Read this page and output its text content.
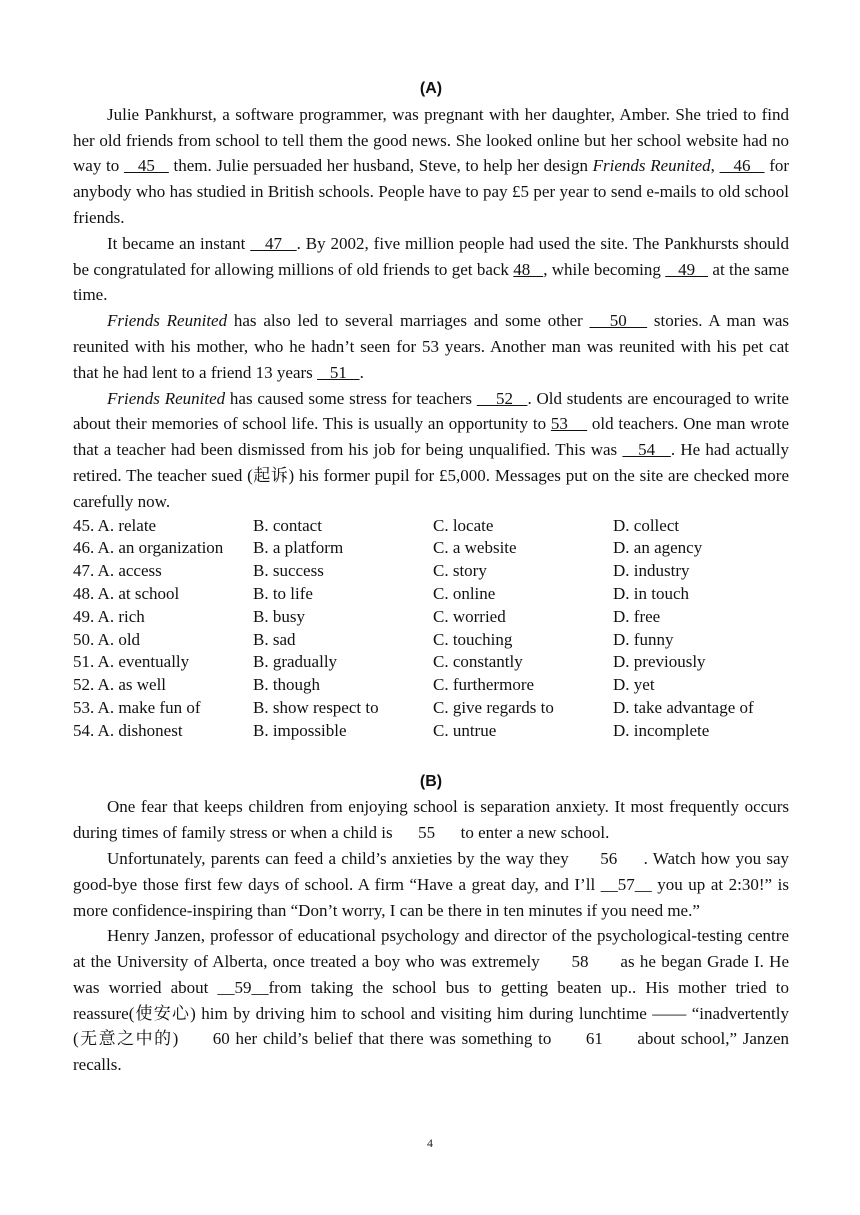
(A)

Julie Pankhurst, a software programmer, was pregnant with her daughter, Amber. She tried to find her old friends from school to tell them the good news. She looked online but her school website had no way to    45    them. Julie persuaded her husband, Steve, to help her design Friends Reunited,    46    for anybody who has studied in British schools. People have to pay £5 per year to send e-mails to old school friends.

It became an instant    47   . By 2002, five million people had used the site. The Pankhursts should be congratulated for allowing millions of old friends to get back 48   , while becoming    49    at the same time.

Friends Reunited has also led to several marriages and some other    50    stories. A man was reunited with his mother, who he hadn’t seen for 53 years. Another man was reunited with his pet cat that he had lent to a friend 13 years    51   .

Friends Reunited has caused some stress for teachers     52   . Old students are encouraged to write about their memories of school life. This is usually an opportunity to 53     old teachers. One man wrote that a teacher had been dismissed from his job for being unqualified. This was    54   . He had actually retired. The teacher sued (起诉) his former pupil for £5,000. Messages put on the site are checked more carefully now.

45. A. relate	B. contact	C. locate	D. collect
46. A. an organization	B. a platform	C. a website	D. an agency
47. A. access	B. success	C. story	D. industry
48. A. at school	B. to life	C. online	D. in touch
49. A. rich	B. busy	C. worried	D. free
50. A. old	B. sad	C. touching	D. funny
51. A. eventually	B. gradually	C. constantly	D. previously
52. A. as well	B. though	C. furthermore	D. yet
53. A. make fun of	B. show respect to	C. give regards to	D. take advantage of
54. A. dishonest	B. impossible	C. untrue	D. incomplete

(B)

One fear that keeps children from enjoying school is separation anxiety. It most frequently occurs during times of family stress or when a child is      55      to enter a new school.

Unfortunately, parents can feed a child’s anxieties by the way they      56     . Watch how you say good-bye those first few days of school. A firm “Have a great day, and I’ll __57__ you up at 2:30!” is more confidence-inspiring than “Don’t worry, I can be there in ten minutes if you need me.”

Henry Janzen, professor of educational psychology and director of the psychological-testing centre at the University of Alberta, once treated a boy who was extremely      58      as he began Grade I. He was worried about __59__from taking the school bus to getting beaten up.. His mother tried to reassure(使安心) him by driving him to school and visiting him during lunchtime —— “inadvertently (无意之中的)      60 her child’s belief that there was something to      61      about school,” Janzen recalls.

4
